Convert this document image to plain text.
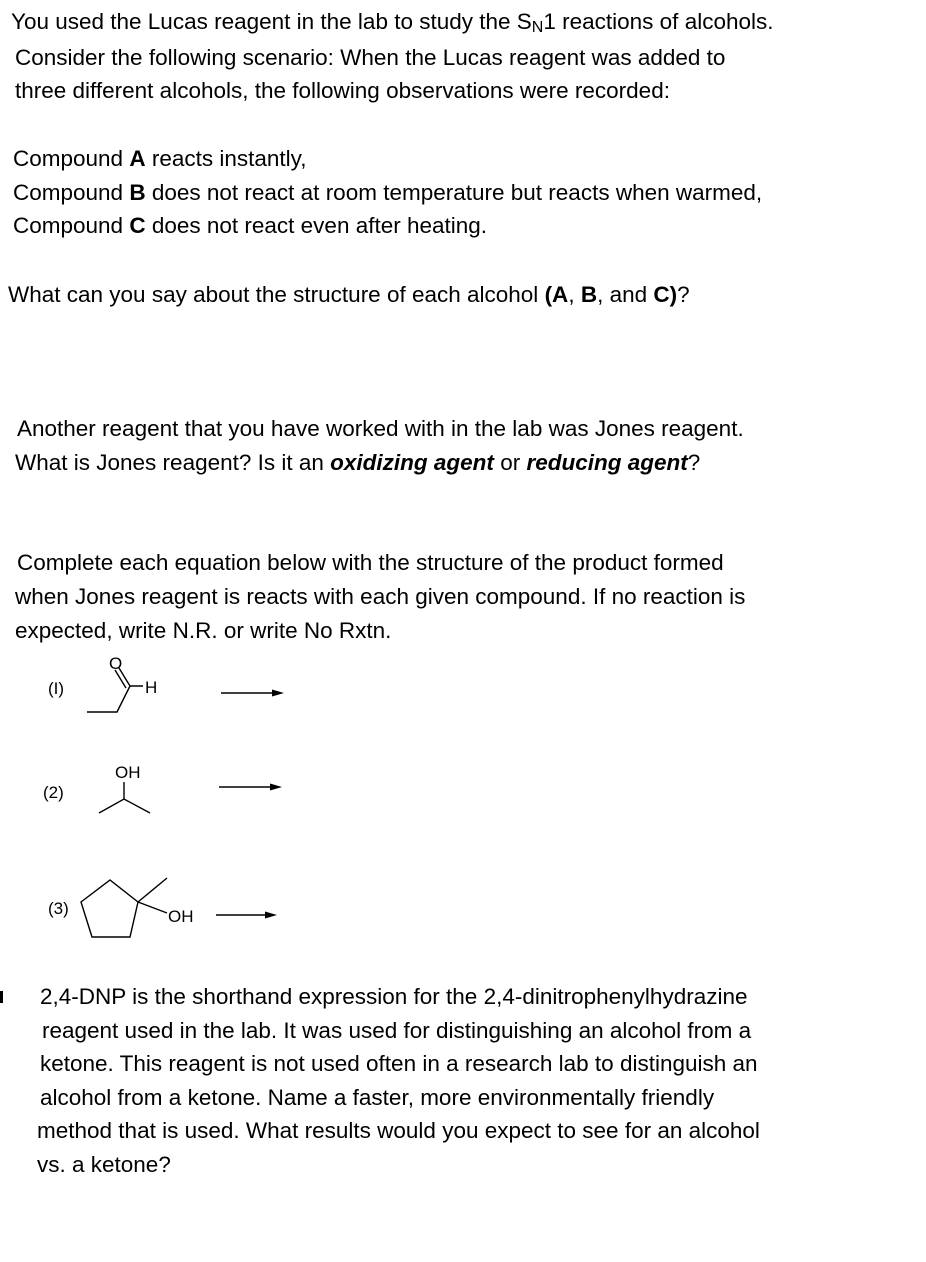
You used the Lucas reagent in the lab to study the SN1 reactions of alcohols.
Consider the following scenario: When the Lucas reagent was added to
three different alcohols, the following observations were recorded:
Compound A reacts instantly,
Compound B does not react at room temperature but reacts when warmed,
Compound C does not react even after heating.
What can you say about the structure of each alcohol (A, B, and C)?
Another reagent that you have worked with in the lab was Jones reagent.
What is Jones reagent? Is it an oxidizing agent or reducing agent?
Complete each equation below with the structure of the product formed
when Jones reagent is reacts with each given compound. If no reaction is
expected, write N.R. or write No Rxtn.
(I)
O
H
(2)
OH
(3)	OH
2,4-DNP is the shorthand expression for the 2,4-dinitrophenylhydrazine
reagent used in the lab. It was used for distinguishing an alcohol from a
ketone. This reagent is not used often in a research lab to distinguish an
alcohol from a ketone. Name a faster, more environmentally friendly
method that is used. What results would you expect to see for an alcohol
vs. a ketone?
